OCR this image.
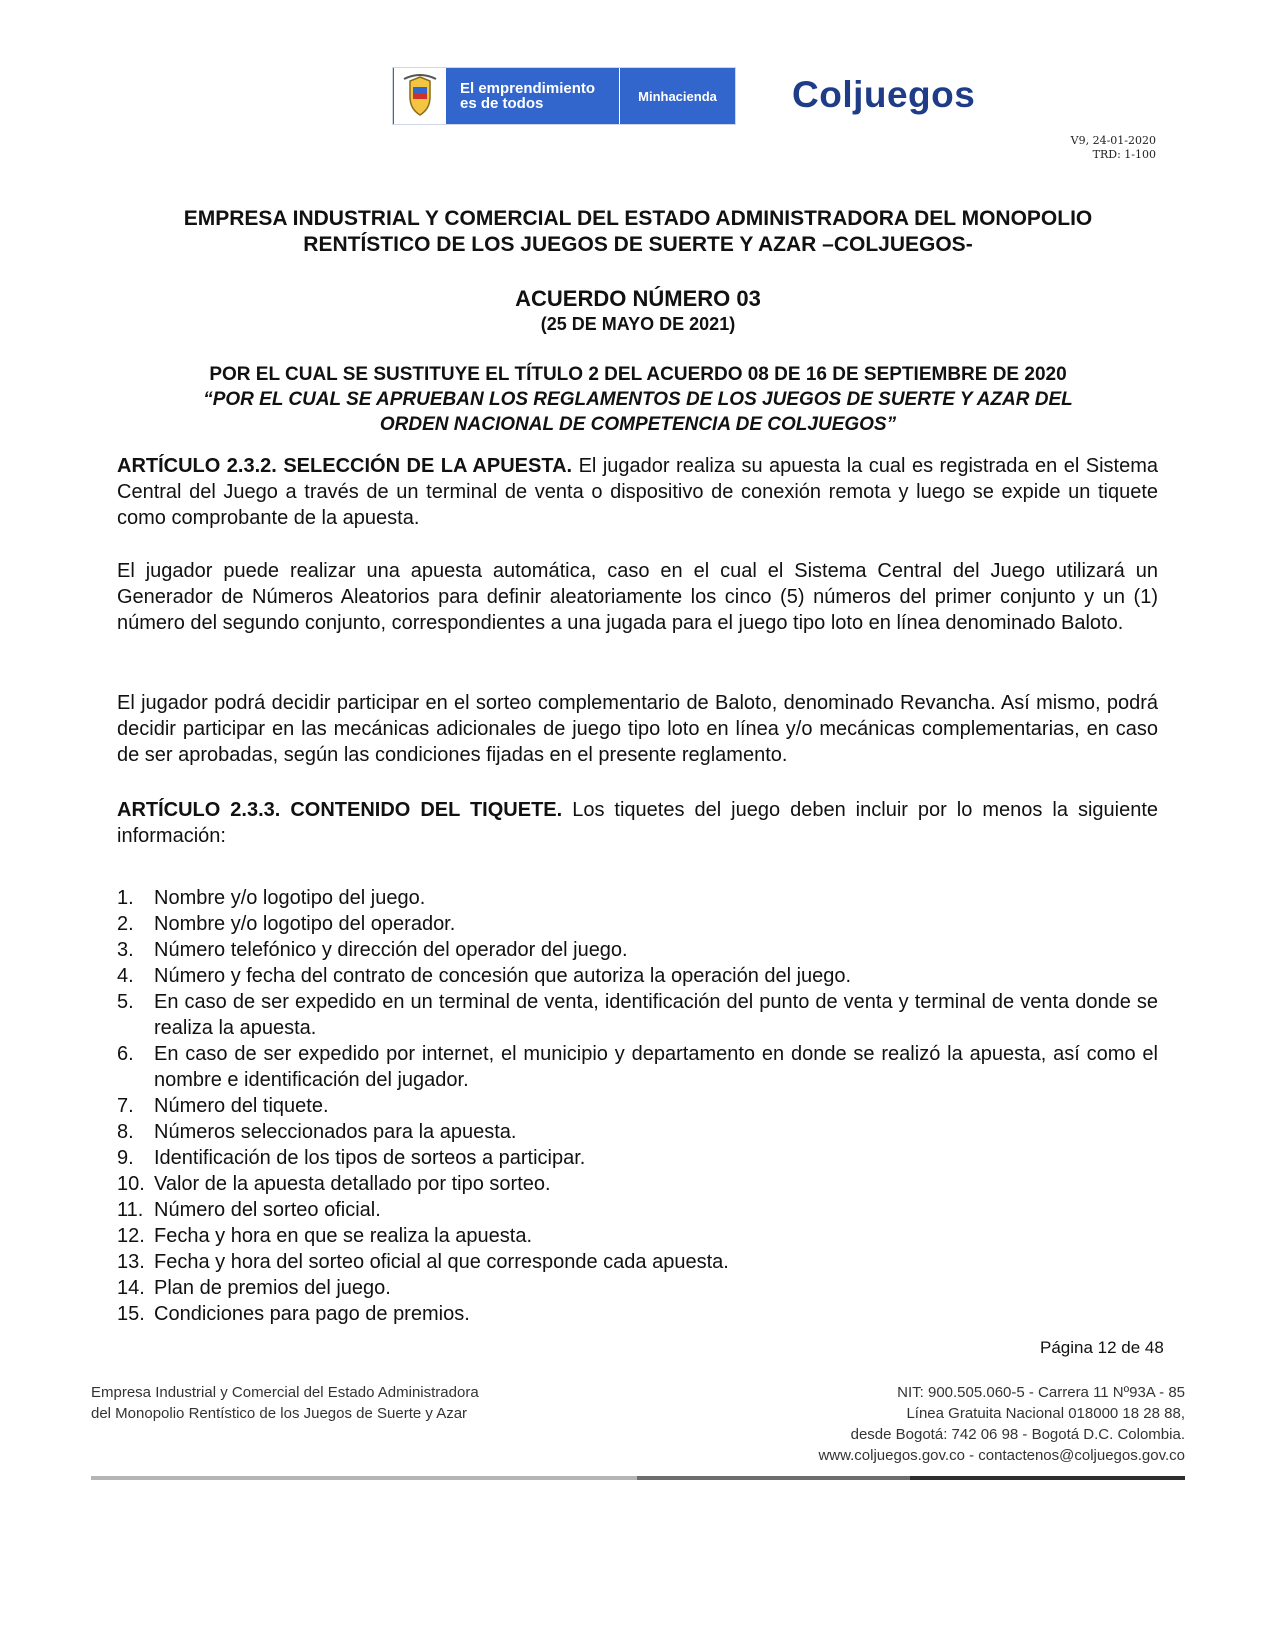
El emprendimiento
es de todos	Minhacienda	Coljuegos
V9, 24-01-2020
TRD: 1-100
EMPRESA INDUSTRIAL Y COMERCIAL DEL ESTADO ADMINISTRADORA DEL MONOPOLIO
RENTÍSTICO DE LOS JUEGOS DE SUERTE Y AZAR –COLJUEGOS-
ACUERDO NÚMERO 03
(25 DE MAYO DE 2021)
POR EL CUAL SE SUSTITUYE EL TÍTULO 2 DEL ACUERDO 08 DE 16 DE SEPTIEMBRE DE 2020
“POR EL CUAL SE APRUEBAN LOS REGLAMENTOS DE LOS JUEGOS DE SUERTE Y AZAR DEL
ORDEN NACIONAL DE COMPETENCIA DE COLJUEGOS”
ARTÍCULO 2.3.2. SELECCIÓN DE LA APUESTA. El jugador realiza su apuesta la cual es registrada en el Sistema Central del Juego a través de un terminal de venta o dispositivo de conexión remota y luego se expide un tiquete como comprobante de la apuesta.
El jugador puede realizar una apuesta automática, caso en el cual el Sistema Central del Juego utilizará un Generador de Números Aleatorios para definir aleatoriamente los cinco (5) números del primer conjunto y un (1) número del segundo conjunto, correspondientes a una jugada para el juego tipo loto en línea denominado Baloto.
El jugador podrá decidir participar en el sorteo complementario de Baloto, denominado Revancha. Así mismo, podrá decidir participar en las mecánicas adicionales de juego tipo loto en línea y/o mecánicas complementarias, en caso de ser aprobadas, según las condiciones fijadas en el presente reglamento.
ARTÍCULO 2.3.3. CONTENIDO DEL TIQUETE. Los tiquetes del juego deben incluir por lo menos la siguiente información:
1.	Nombre y/o logotipo del juego.
2.	Nombre y/o logotipo del operador.
3.	Número telefónico y dirección del operador del juego.
4.	Número y fecha del contrato de concesión que autoriza la operación del juego.
5.	En caso de ser expedido en un terminal de venta, identificación del punto de venta y terminal de venta donde se realiza la apuesta.
6.	En caso de ser expedido por internet, el municipio y departamento en donde se realizó la apuesta, así como el nombre e identificación del jugador.
7.	Número del tiquete.
8.	Números seleccionados para la apuesta.
9.	Identificación de los tipos de sorteos a participar.
10. Valor de la apuesta detallado por tipo sorteo.
11. Número del sorteo oficial.
12. Fecha y hora en que se realiza la apuesta.
13. Fecha y hora del sorteo oficial al que corresponde cada apuesta.
14. Plan de premios del juego.
15. Condiciones para pago de premios.
Página 12 de 48
Empresa Industrial y Comercial del Estado Administradora
del Monopolio Rentístico de los Juegos de Suerte y Azar
NIT: 900.505.060-5 - Carrera 11 Nº93A - 85
Línea Gratuita Nacional 018000 18 28 88,
desde Bogotá: 742 06 98 - Bogotá D.C. Colombia.
www.coljuegos.gov.co - contactenos@coljuegos.gov.co
